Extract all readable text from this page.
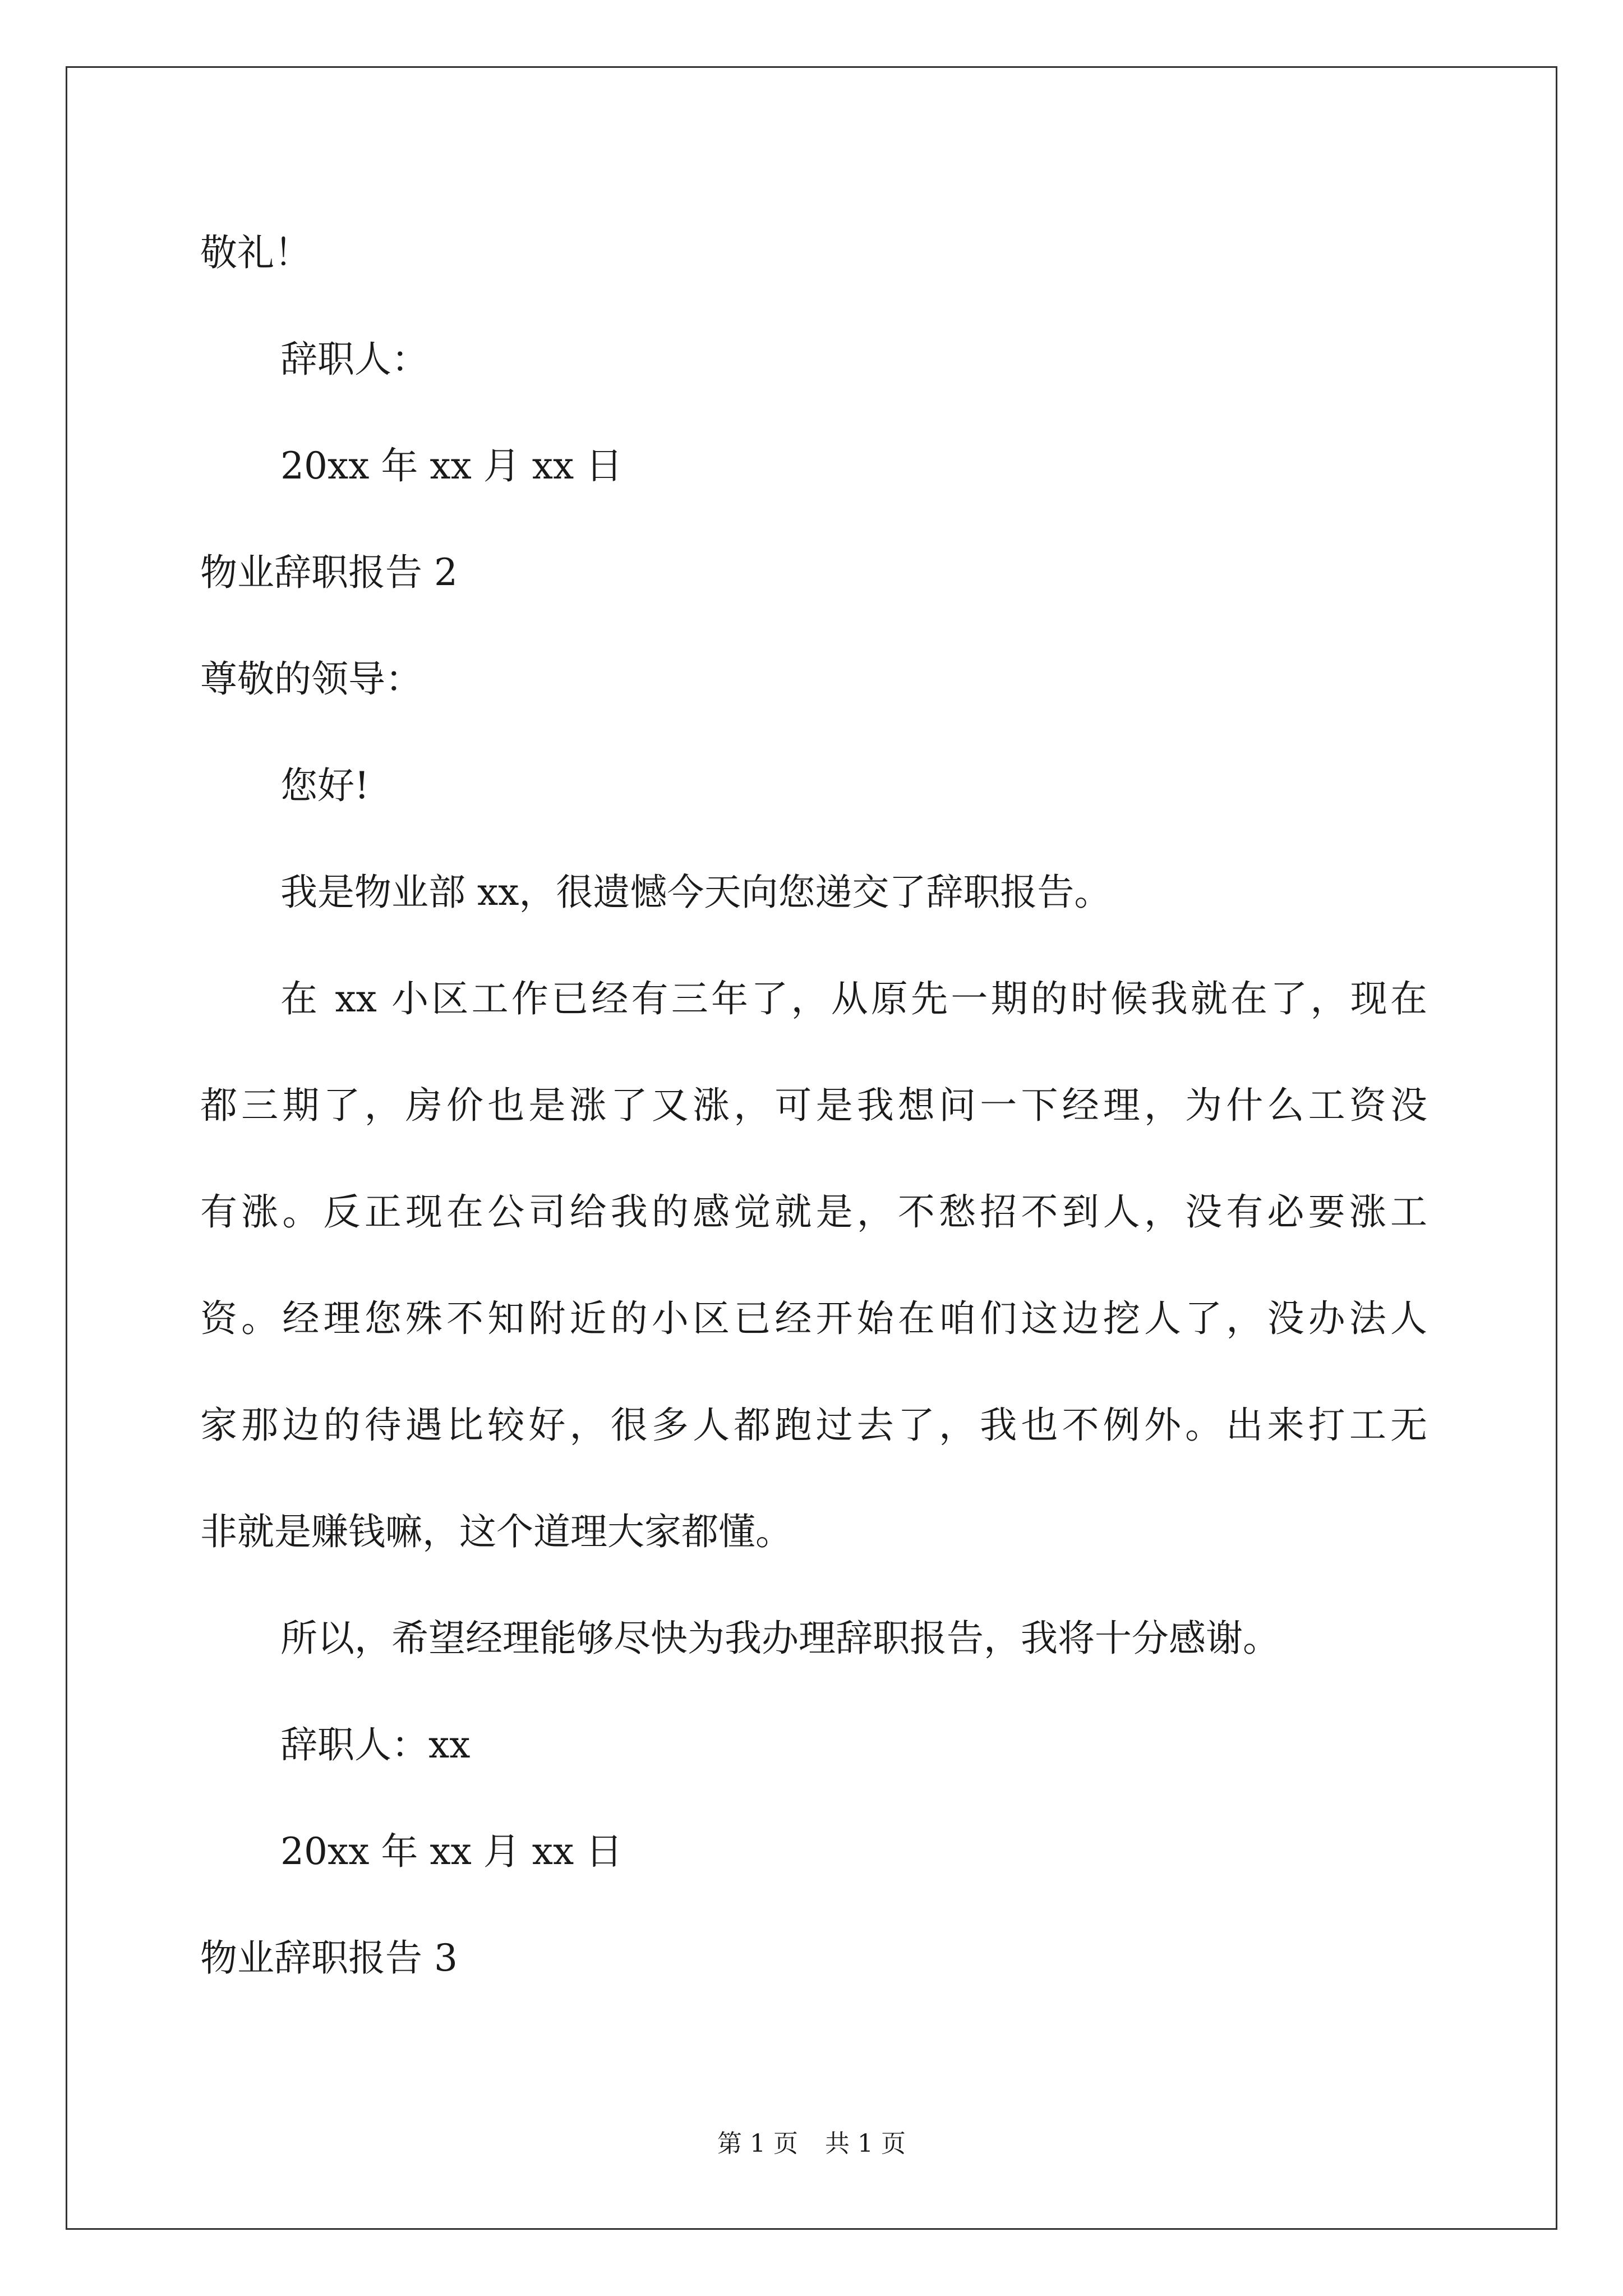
敬礼！
辞职人：
20xx 年 xx 月 xx 日
物业辞职报告 2
尊敬的领导：
您好!
我是物业部 xx，很遗憾今天向您递交了辞职报告。
在 xx 小区工作已经有三年了，从原先一期的时候我就在了，现在
都三期了，房价也是涨了又涨，可是我想问一下经理，为什么工资没
有涨。反正现在公司给我的感觉就是，不愁招不到人，没有必要涨工
资。经理您殊不知附近的小区已经开始在咱们这边挖人了，没办法人
家那边的待遇比较好，很多人都跑过去了，我也不例外。出来打工无
非就是赚钱嘛，这个道理大家都懂。
所以，希望经理能够尽快为我办理辞职报告，我将十分感谢。
辞职人：xx
20xx 年 xx 月 xx 日
物业辞职报告 3
第 1 页 共 1 页
